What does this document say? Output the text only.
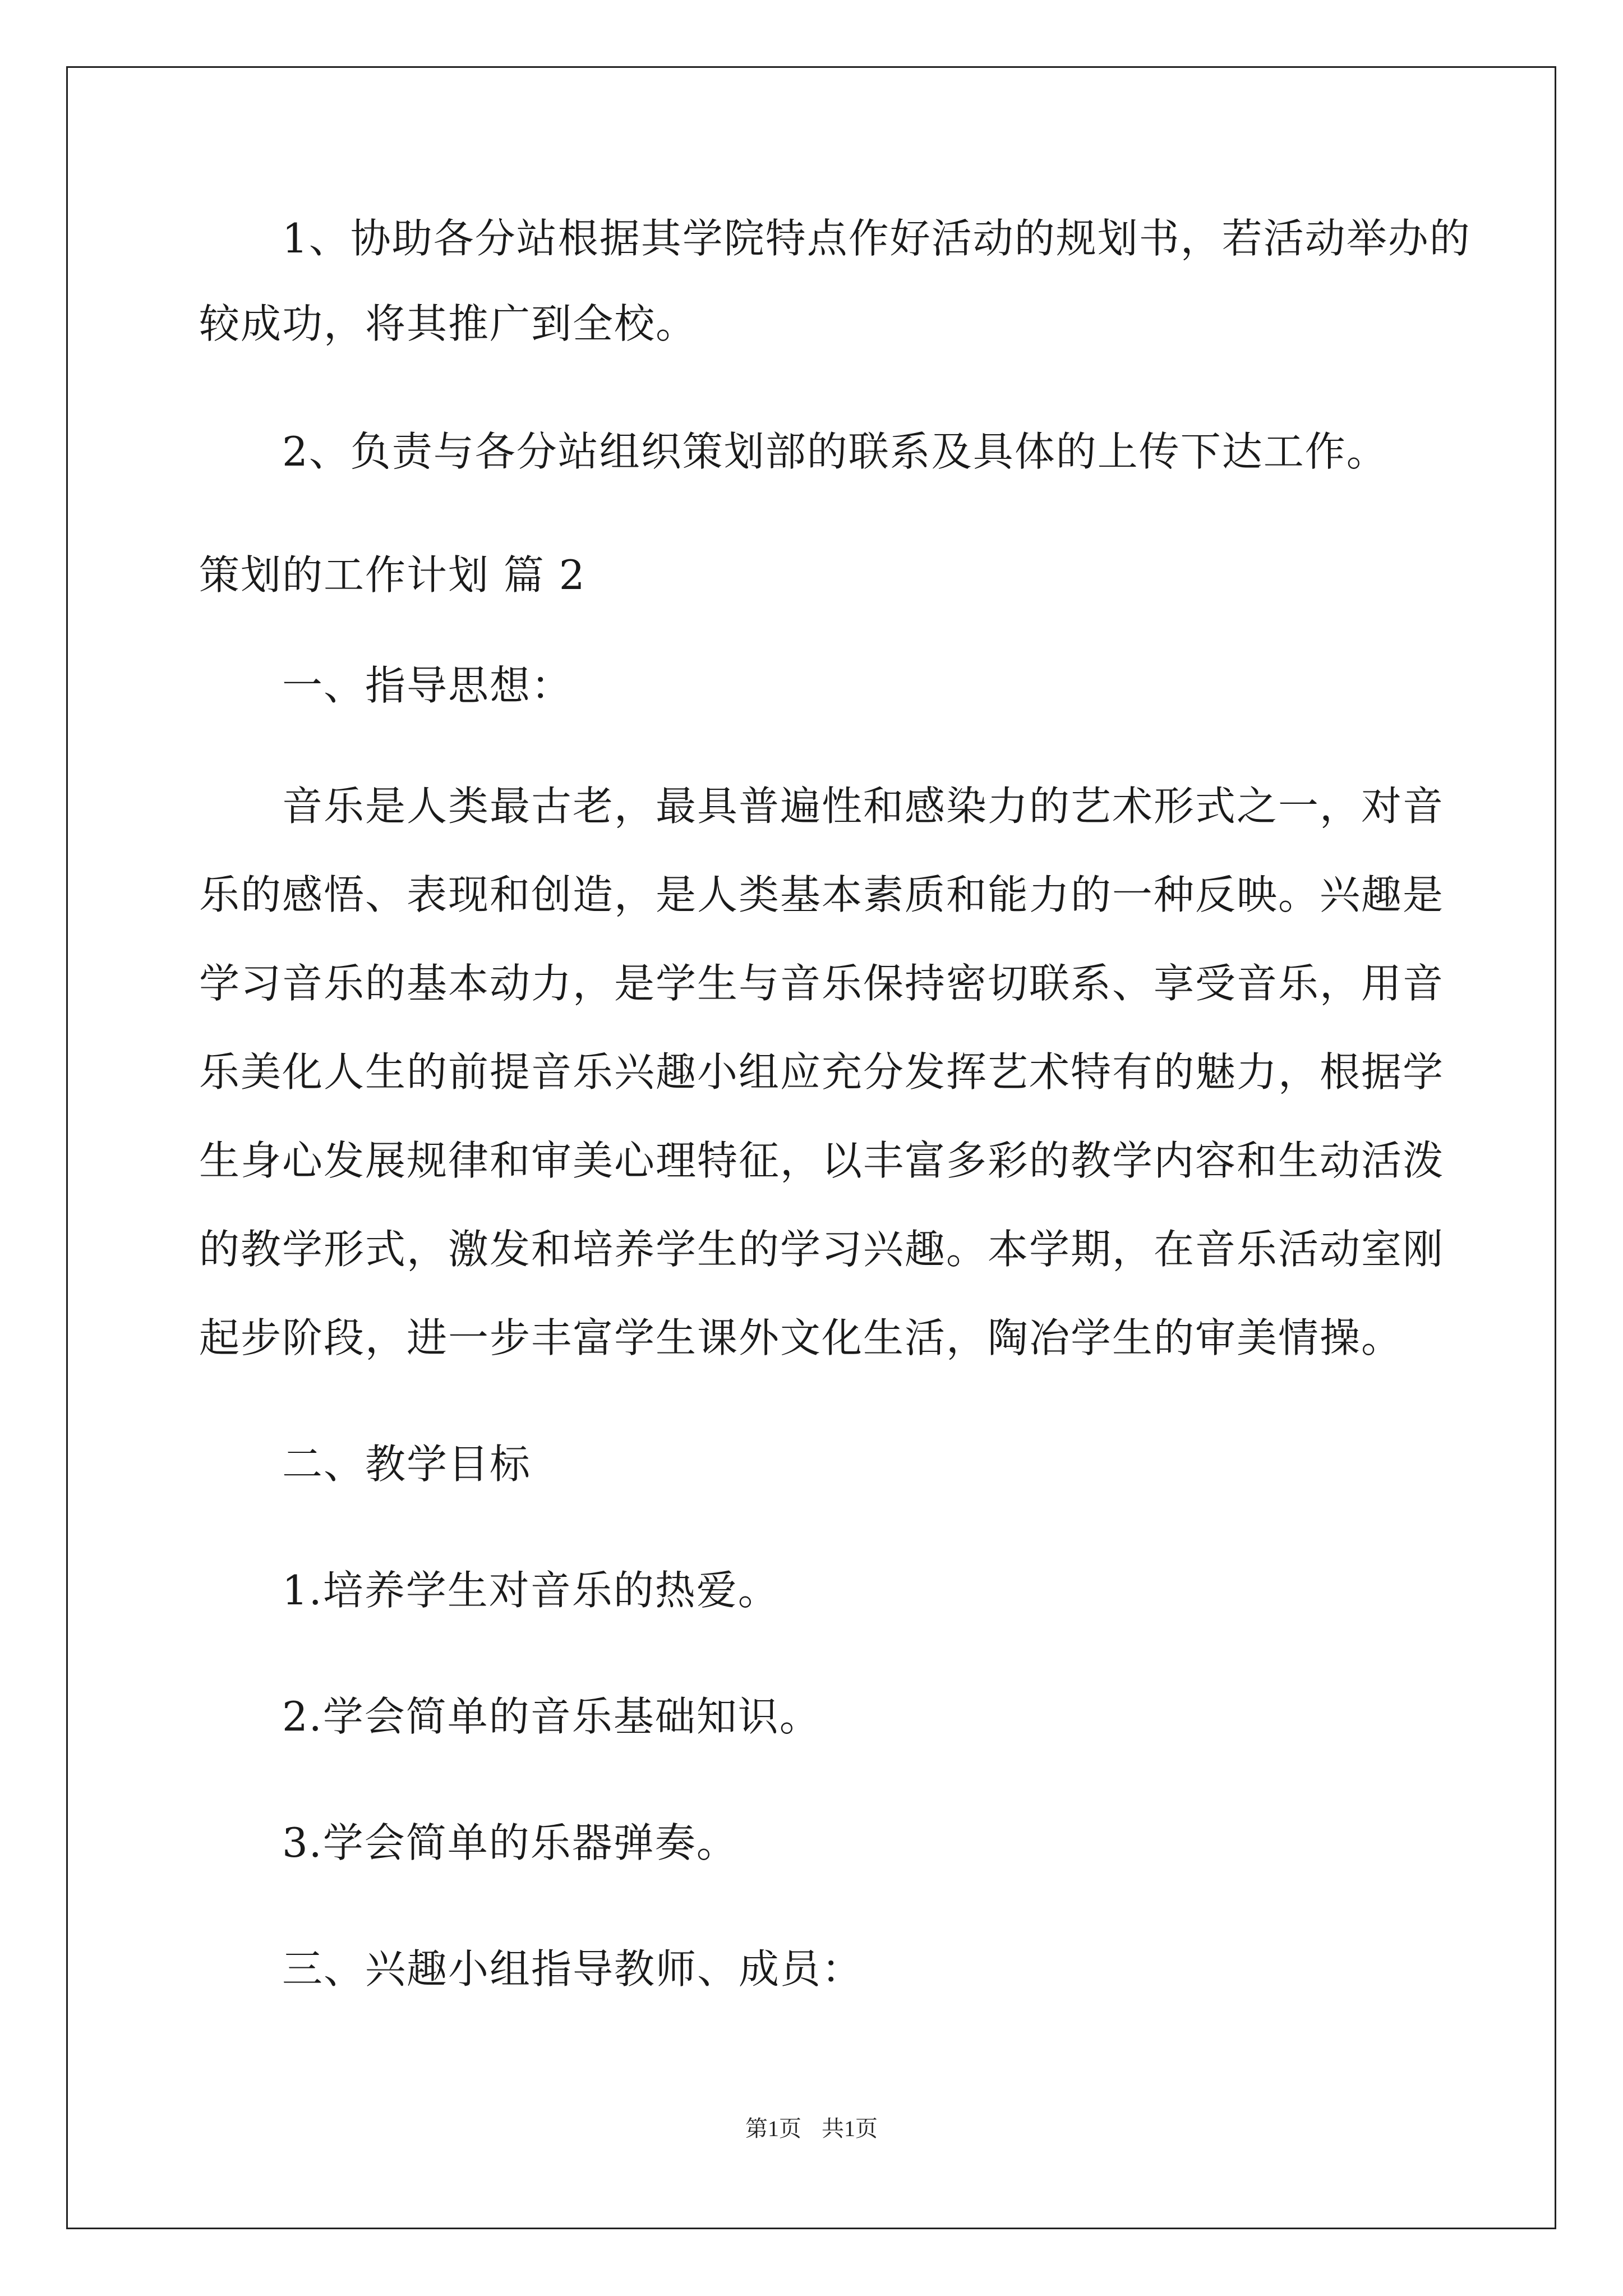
1、协助各分站根据其学院特点作好活动的规划书，若活动举办的
较成功，将其推广到全校。
2、负责与各分站组织策划部的联系及具体的上传下达工作。
策划的工作计划 篇 2
一、指导思想：
音乐是人类最古老，最具普遍性和感染力的艺术形式之一，对音
乐的感悟、表现和创造，是人类基本素质和能力的一种反映。兴趣是
学习音乐的基本动力，是学生与音乐保持密切联系、享受音乐，用音
乐美化人生的前提音乐兴趣小组应充分发挥艺术特有的魅力，根据学
生身心发展规律和审美心理特征，以丰富多彩的教学内容和生动活泼
的教学形式，激发和培养学生的学习兴趣。本学期，在音乐活动室刚
起步阶段，进一步丰富学生课外文化生活，陶冶学生的审美情操。
二、教学目标
1.培养学生对音乐的热爱。
2.学会简单的音乐基础知识。
3.学会简单的乐器弹奏。
三、兴趣小组指导教师、成员：
第1页 共1页
